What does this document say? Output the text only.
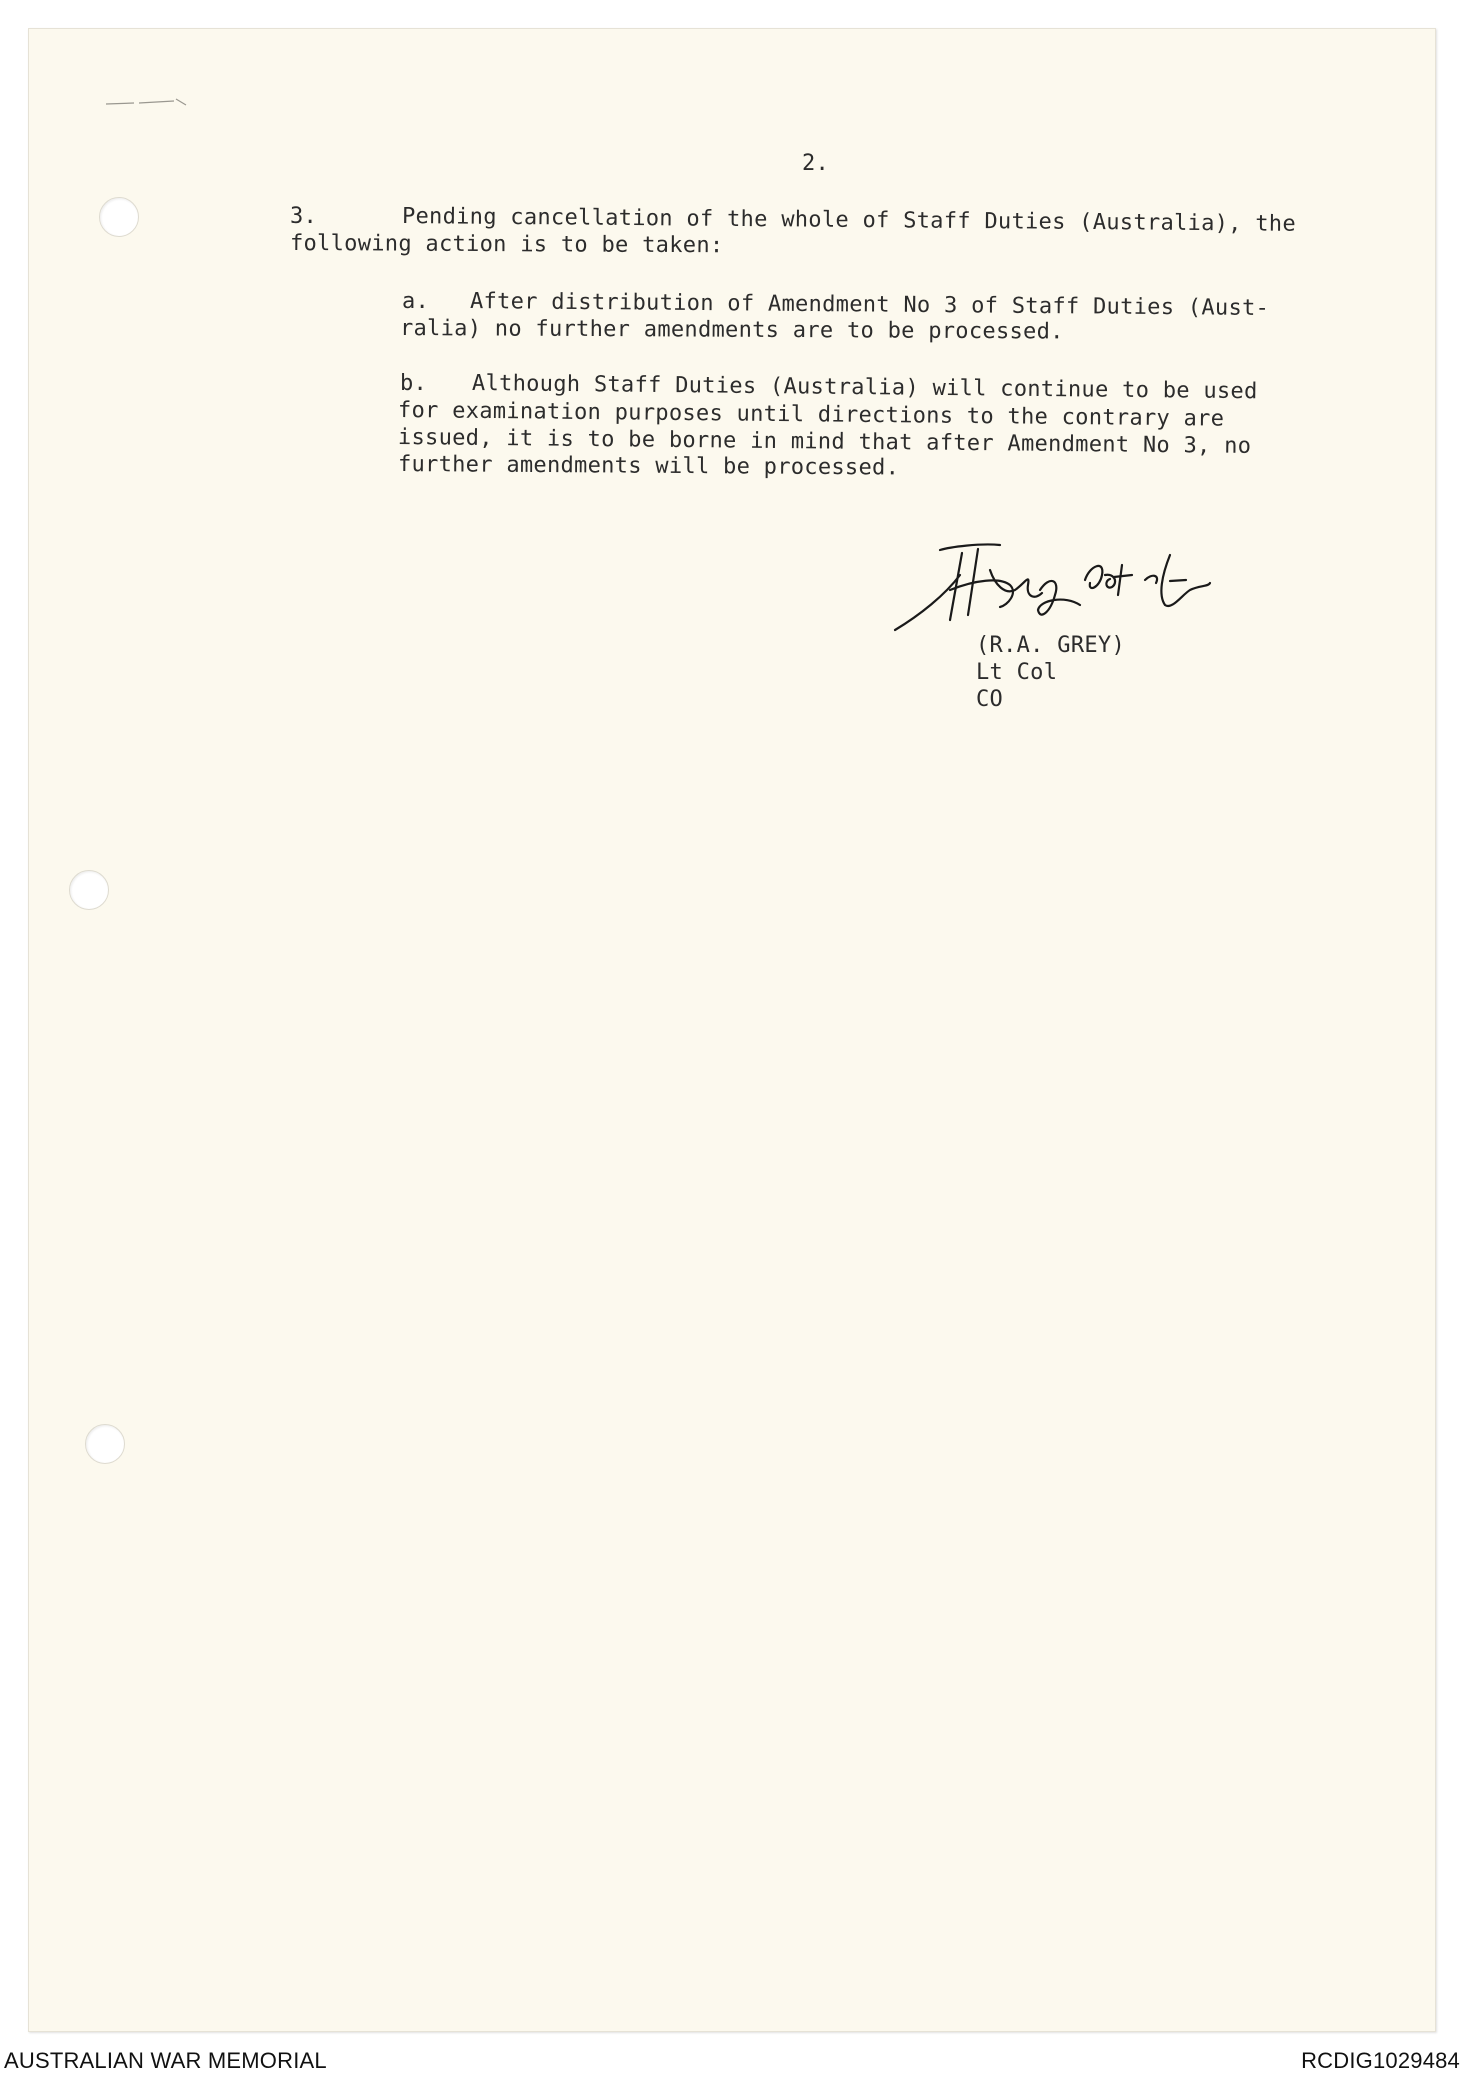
2.
3.	Pending cancellation of the whole of Staff Duties (Australia), the
following action is to be taken:
a. After distribution of Amendment No 3 of Staff Duties (Aust-
ralia) no further amendments are to be processed.
b. Although Staff Duties (Australia) will continue to be used
for examination purposes until directions to the contrary are
issued, it is to be borne in mind that after Amendment No 3, no
further amendments will be processed.
(R.A. GREY)
Lt Col
CO
AUSTRALIAN WAR MEMORIAL	RCDIG1029484
